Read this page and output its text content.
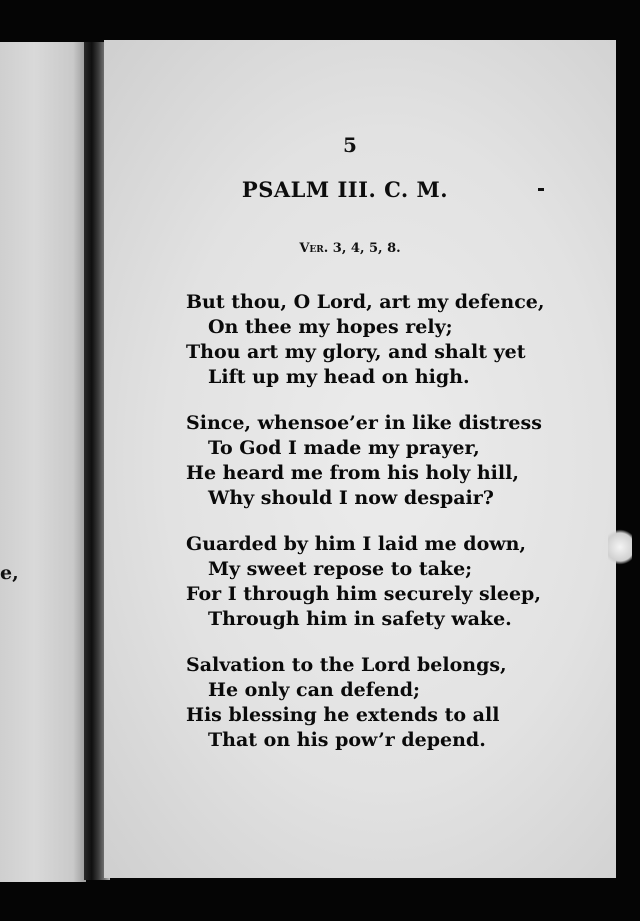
e,
5
PSALM III. C. M.
Ver. 3, 4, 5, 8.
But thou, O Lord, art my defence,
On thee my hopes rely;
Thou art my glory, and shalt yet
Lift up my head on high.
Since, whensoe’er in like distress
To God I made my prayer,
He heard me from his holy hill,
Why should I now despair?
Guarded by him I laid me down,
My sweet repose to take;
For I through him securely sleep,
Through him in safety wake.
Salvation to the Lord belongs,
He only can defend;
His blessing he extends to all
That on his pow’r depend.
